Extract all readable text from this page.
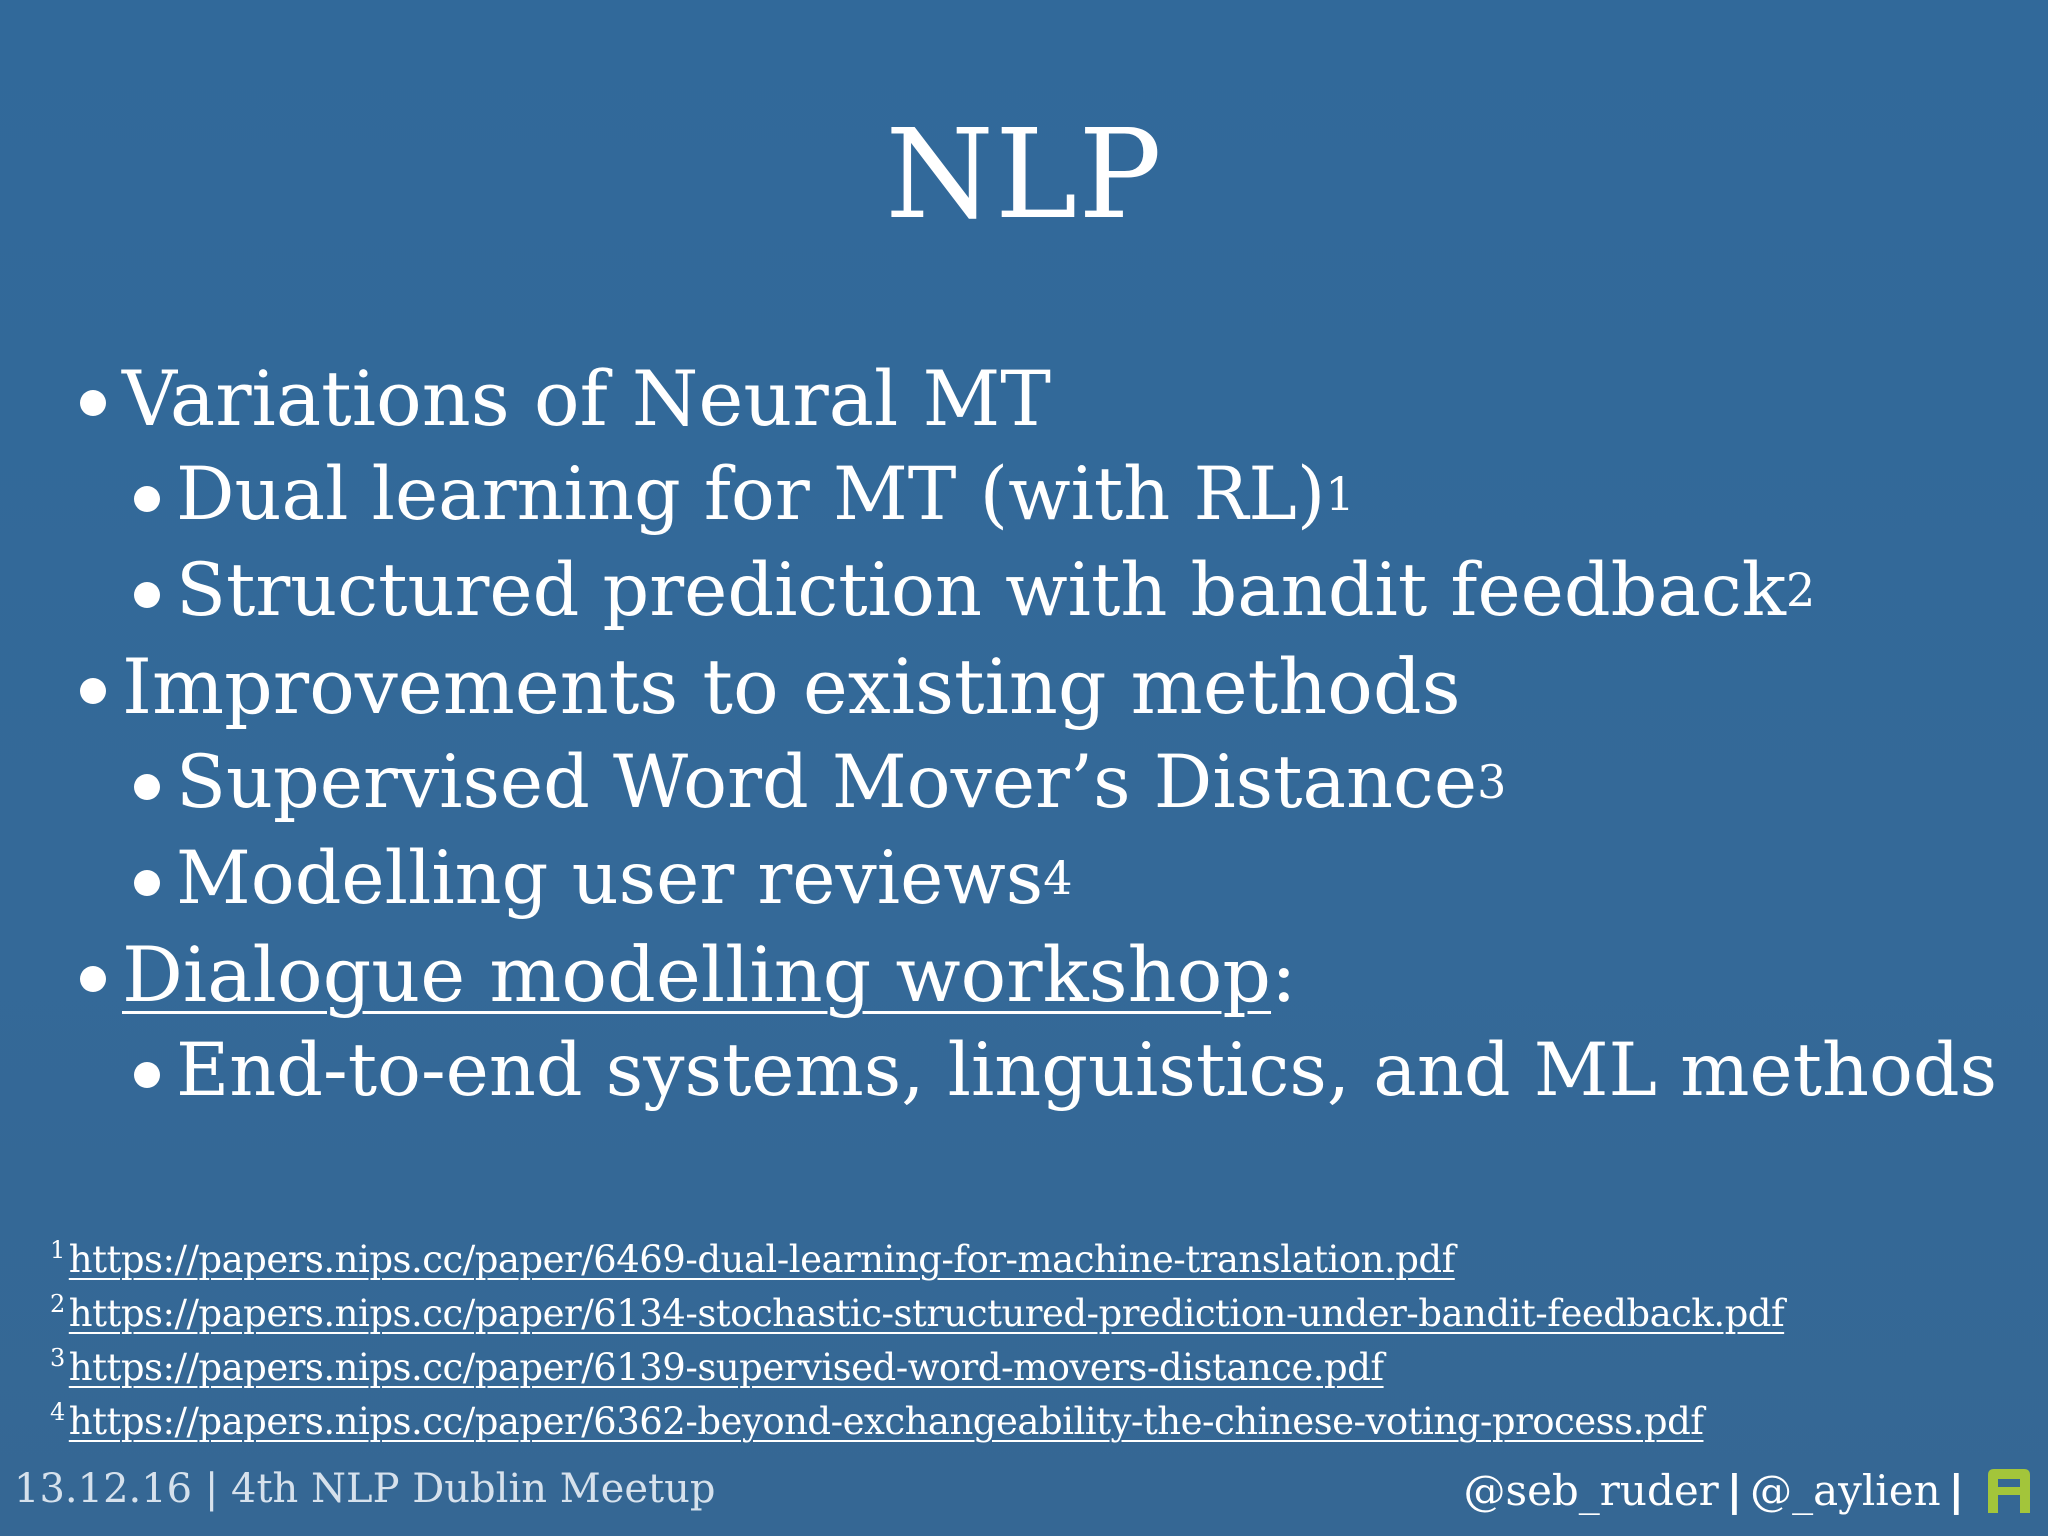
NLP
Variations of Neural MT
Dual learning for MT (with RL) 1
Structured prediction with bandit feedback 2
Improvements to existing methods
Supervised Word Mover’s Distance 3
Modelling user reviews 4
Dialogue modelling workshop:
End-to-end systems, linguistics, and ML methods
1 https://papers.nips.cc/paper/6469-dual-learning-for-machine-translation.pdf
2 https://papers.nips.cc/paper/6134-stochastic-structured-prediction-under-bandit-feedback.pdf
3 https://papers.nips.cc/paper/6139-supervised-word-movers-distance.pdf
4 https://papers.nips.cc/paper/6362-beyond-exchangeability-the-chinese-voting-process.pdf
13.12.16 | 4th NLP Dublin Meetup	@seb_ruder | @_aylien |
